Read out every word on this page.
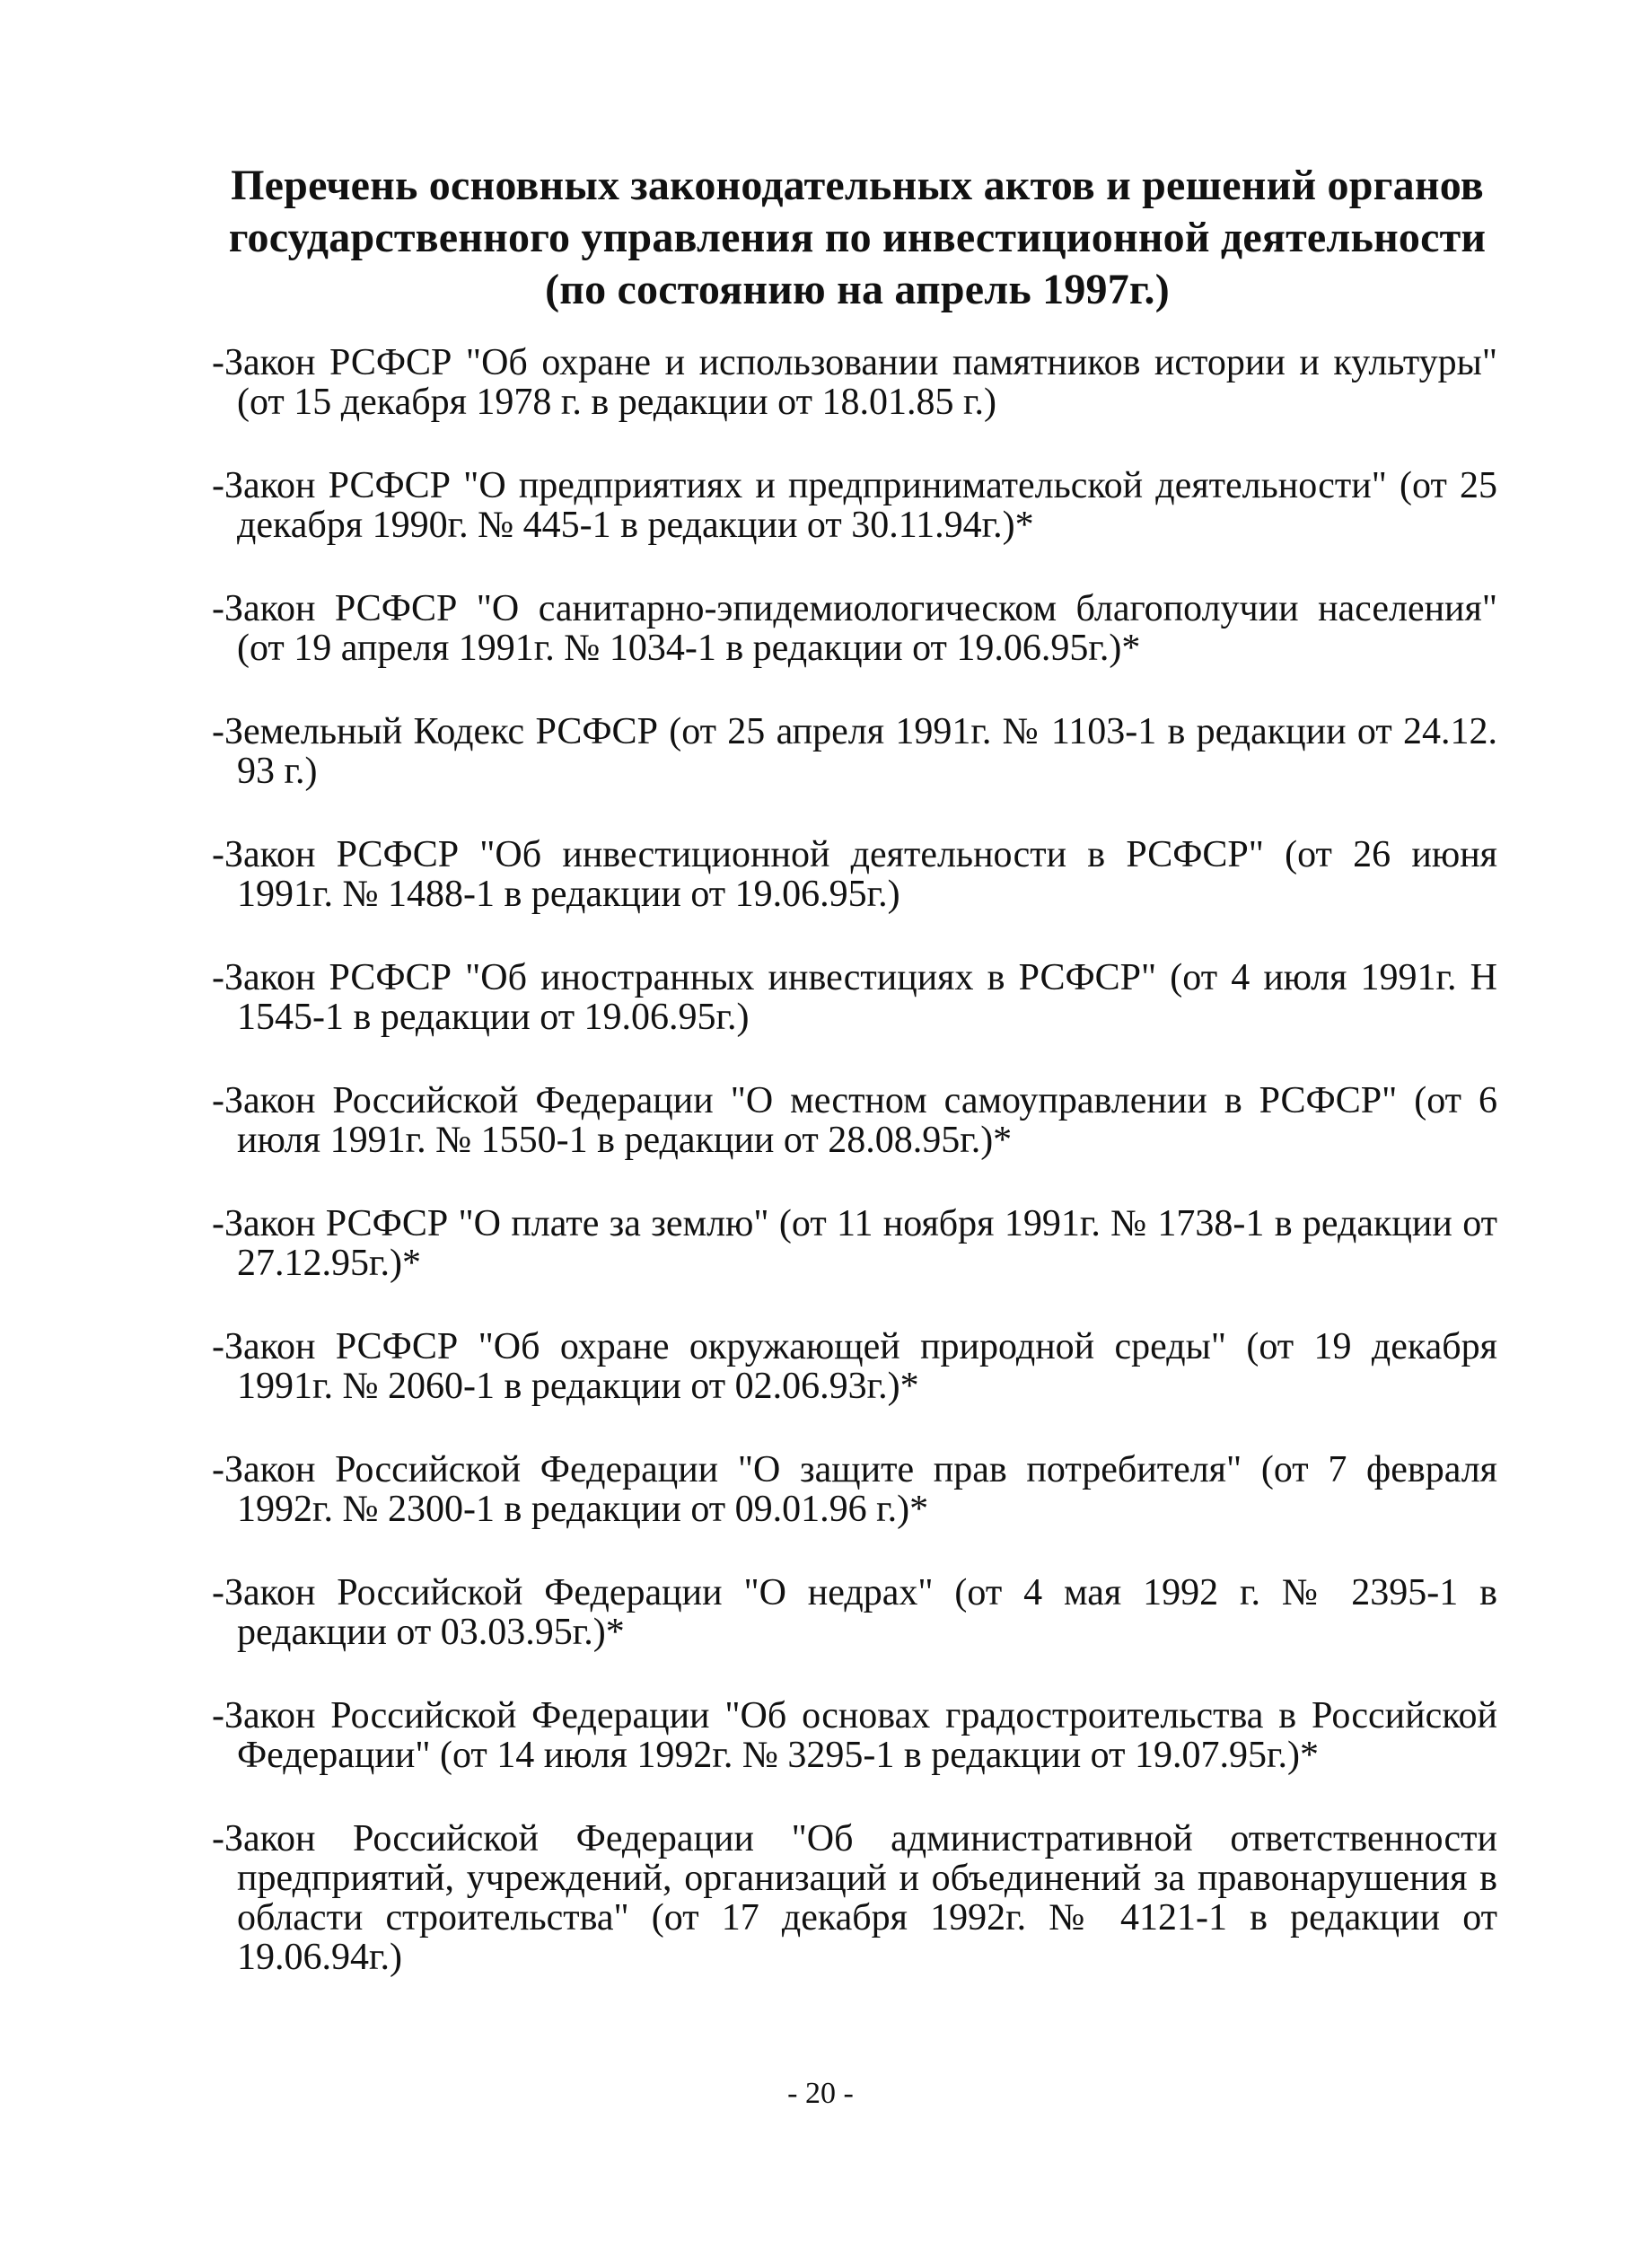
Перечень основных законодательных актов и решений органов государственного управления по инвестиционной деятельности (по состоянию на апрель 1997г.)
-Закон РСФСР "Об охране и использовании памятников истории и культуры" (от 15 декабря 1978 г. в редакции от 18.01.85 г.)
-Закон РСФСР "О предприятиях и предпринимательской деятельности" (от 25 декабря 1990г. № 445-1 в редакции от 30.11.94г.)*
-Закон РСФСР "О санитарно-эпидемиологическом благополучии населения" (от 19 апреля 1991г. № 1034-1 в редакции от 19.06.95г.)*
-Земельный Кодекс РСФСР (от 25 апреля 1991г. № 1103-1 в редакции от 24.12. 93 г.)
-Закон РСФСР "Об инвестиционной деятельности в РСФСР" (от 26 июня 1991г. № 1488-1 в редакции от 19.06.95г.)
-Закон РСФСР "Об иностранных инвестициях в РСФСР" (от 4 июля 1991г. Н 1545-1 в редакции от 19.06.95г.)
-Закон Российской Федерации "О местном самоуправлении в РСФСР" (от 6 июля 1991г. № 1550-1 в редакции от 28.08.95г.)*
-Закон РСФСР "О плате за землю" (от 11 ноября 1991г. № 1738-1 в редакции от 27.12.95г.)*
-Закон РСФСР "Об охране окружающей природной среды" (от 19 декабря 1991г. № 2060-1 в редакции от 02.06.93г.)*
-Закон Российской Федерации "О защите прав потребителя" (от 7 февраля 1992г. № 2300-1 в редакции от 09.01.96 г.)*
-Закон Российской Федерации "О недрах" (от 4 мая 1992 г. № 2395-1 в редакции от 03.03.95г.)*
-Закон Российской Федерации "Об основах градостроительства в Российской Федерации" (от 14 июля 1992г. № 3295-1 в редакции от 19.07.95г.)*
-Закон Российской Федерации "Об административной ответственности предприятий, учреждений, организаций и объединений за правонарушения в области строительства" (от 17 декабря 1992г. № 4121-1 в редакции от 19.06.94г.)
- 20 -
